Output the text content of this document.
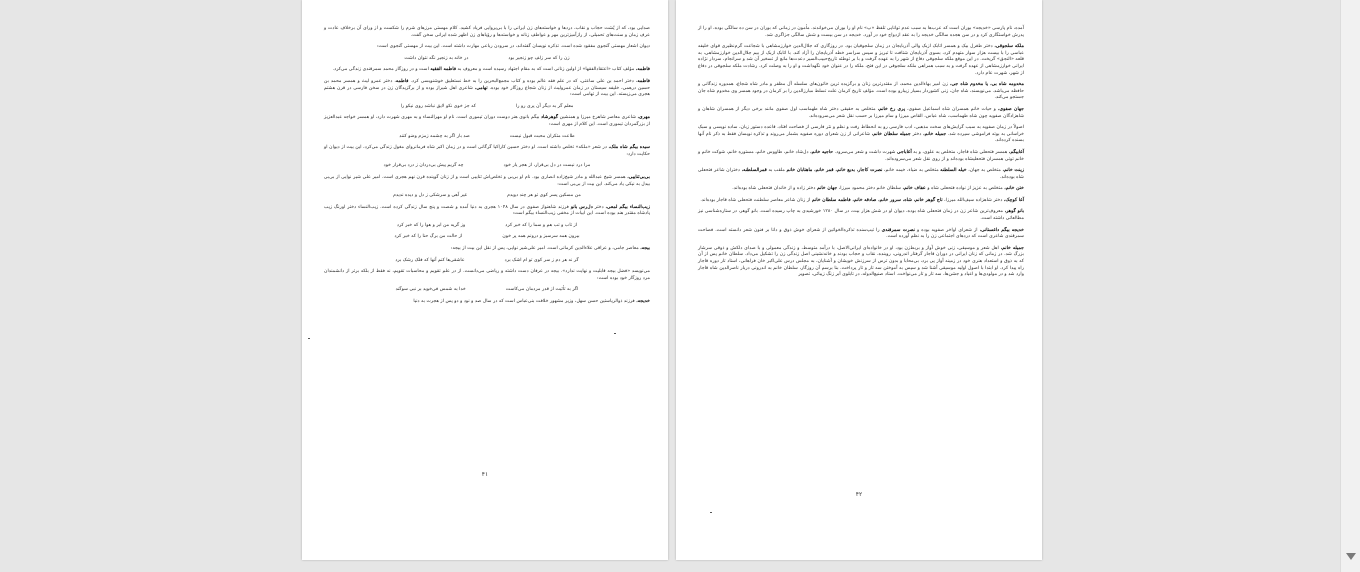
صدایی بود، که از پُشت حجاب و نقاب، دردها و خواسته‌های زن ایرانی را با بی‌پروایی فریاد کشید. کلام مهستی مرزهای شرم را شکست و از ورای آن برخلاف عادت و عرف زمان و سنت‌های تحمیلی، از رازآمیزترین مهر و عواطف زنانه و خواسته‌ها و رؤیاهای زن اظهر شده ایرانی سخن گفت.

دیوان اشعار مهستی گنجوی مفقود شده است. تذکره نویسان گفته‌اند، در سرودن رباعی مهارت داشته است. این بیت از مهستی گنجوی است:

زن را که سر زلف چو زنجیر بود
در خانه به زنجیر نگه نتوان داشت

فاطمه، مؤلف کتاب «اعتقادالفقها» از اولین زنانی است که به مقام اجتهاد رسیده است و معروف به فاطمه الفقیه است و در روزگار محمد سمرقندی زندگی می‌کرد.

فاطمه، دختر احمد بن علی ساعتی، که در علم فقه عالم بوده و کتاب مجمع‌البحرین را به خط نستعلیق خوشنویسی کرد. فاطمه، دختر عمرو لیث و همسر محمد بن حسین درهمی، خلیفه سیستان در زمان عمرولیث از زنان شجاع روزگار خود بوده. تهامی، شاعری اهل شیراز بوده و از برگزیدگان زن در سخن فارسی در قرن هشتم هجری می‌زیسته. این بیت از تهامی است:

معلم گر به دیگر آن پری رو را
که جز خوی نکو لایق نباشد روی نیکو را

مهری، شاعری معاصر شاهرخ میرزا و همنشین گوهرشاد بیگم بانوی هنر دوست دوران تیموری است. نام او مهرالنساء و به مهری شهرت دارد، او همسر خواجه عبدالعزیز از بزرگمردان تیموری است. این کلام از مهری است:

طاعت متکران محبت قبول نیست
صد بار اگر به چشمه زمزم وضو کنند

سیده بیگم شاه ملک، در شعر «ملکه» تخلص داشته است. او دختر حسین کاراکیا گرگانی است و در زمان اکبر شاه فرمانروای مغول زندگی می‌کرد، این بیت از دیوان او حکایت دارد:

مرا درد نیست در دل بی‌قرار، از هجر یار خود
چه گریم پیش بی‌دردان ز درد بی‌قرار خود

بی‌بی‌ثناییی، همسر شیخ عبدالله و مادر شیخ‌زاده انصاری بود. نام او بی‌بی و تخلص‌اش ثناییی است و از زنان گوینده قرن نهم هجری است. امیر علی شیر نوایی از بی‌بی بیدل به نیکی یاد می‌کند. این بیت از بی‌بی است:

من مسکین پسر کوی تو هر چند دویدم
غیر آهی و سرشکی ز دل و دیده ندیدم

زیب‌النساء بیگم لمعی، دختر دل‌رس بانو فرزند شاهنواز صفوی در سال ۱۰۴۸ هجری به دنیا آمده و شصت و پنج سال زندگی کرده است. زیب‌النساء دختر اورنگ زیب پادشاه مقتدر هند بوده است. این ابیات از مخفی زیب‌النساء بیگم است:

از تاب و تب هم و سما را که خبر کرد
وز گریه من ابر و هوا را که خبر کرد
بیرون همه سرسبز و درونم همه پر خون
از حالت من برگ حنا را که خبر کرد

بیجه، معاصر جامی، و عراقی علاءالدین کرمانی است. امیر علی‌شیر نوایی، پس از نقل این بیت از بیجه:

گر نه هر دم ز سر کوی تو ام اشک برد
عاشقی‌ها کنم آنها که فلک رشک برد

می‌نویسد «فضل بیجه قابلیت و نهایت ندارد». بیجه در عرفان دست داشته و ریاضی می‌دانست. از در علم تقویم و محاسبات تقویم، نه فقط از بلکه برتر از دانشمندان مرد روزگار خود بوده است:

اگر به تأثیت از قدر مردمان می‌کاست
خدا به شمس فی‌خوید بر نبی سوگند

خدیجه، فرزند ذوالریاستین حسن سهل، وزیر مشهور خلافت بنی‌عباس است که در سال صد و نود و دو پس از هجرت به دنیا

۴۱

آمده، نام پارسی «خدیجه» بوران است که عرب‌ها به سبب عدم توانایی تلفظ «پ» نام او را بوران می‌خواندند. مأمون در زمانی که بوران در سن ده سالگی بوده، او را از پدرش خواستگاری کرد و در سن هجده سالگی خدیجه را به عقد ازدواج خود در آورد. خدیجه در سن بیست و شش سالگی جزاگری شد.

ملکه سلجوقی، دختر طغرل بیک و همسر اتابک ازبک والی آذربایجان در زمان سلجوقیان بود. در روزگاری که جلال‌الدین خوارزمشاهی با شجاعت گرم‌نظیری قوای خلیفه عباسی را با بیست هزار سوار متهدم کرد، بسوی آذربایجان شتافت تا تبریز و سپس سراسر خطه آذربایجان را آزاد کند. با اتابک ازبک از بیم جلال‌الدین خوارزمشاهی، به قلعه «النجق» گریخت. در این موقع ملکه سلجوقی دفاع از شهر را به عهده گرفت و با بر توطئه تاریخ‌حبیب‌السیر دعدت‌ها مانع از تسخیر آن شد و سرانجام، سردار نژاده ایرانی خوارزمشاهی از عهده گرفت و به سبب همراهی ملکه سلجوقی در این فتح، ملکه را در عنوان خود نگهداشت و او را به وصلت کرد. رشادت ملکه سلجوقی در دفاع از شهر، شهرت عام دارد.

مخدومه شاه بی، یا مخدوم شاه جی، زن امیر بهاءالدین محمد، از مقتدرترین زنان و برگزیده ترین خاتون‌های سلسله آل مظفر و مادر شاه شجاع، همدوره زندگانی و حافظه می‌باشد. می‌نویسند، شاه جان، زنی کشوردار بسیار زیبارو بوده است. مؤلف تاریخ کرمان علت تسلط مبارزالدین را بر کرمان در وجود همسر وی مخدوم شاه جان جستجو می‌کند.

جهان صفوی، و حیات خانم همسران شاه اسماعیل صفوی، پری رخ خانم، متخلص به حقیقی دختر شاه طهماسب اول صفوی مانند برخی دیگر از همسران شاهان و شاهزادگان صفویه چون شاه طهماسب، شاه عباس، القاص میرزا و سام میرزا بر حسب نقل شعر می‌سروده‌اند.

اصولاً در زمان صفویه به سبب گرایش‌های سخت مذهبی، ادب فارسی رو به انحطاط رفت و نظم و نثر فارسی از فصاحت افتاد، قاعده دستور زبان، ساده نویسی و سبک خراسانی به بوته فراموشی سپرده شد. جمیله خانم، دختر جمیله سلطان خانم، شاعرانی از زن شعرای دوره صفویه بشمار می‌روند و تذکره نویسان فقط به ذکر نام آنها بسنده کرده‌اند.

آغابیگم، همسر فتحعلی شاه قاجار، متخلص به علوی، و به آغاباجی شهرت داشت و شعر می‌سرود. حاجیه خانم، دل‌شاد خانم، طاووس خانم، مستوره خانم، شوکت خانم و خانم توتی همسران فتحعلیشاه بوده‌اند و از روی نقل شعر می‌سروده‌اند.

زینت خانم، متخلص به جهان، خیله السلطنه متخلص به ضیاء، خیمه خانم، نصرت کاجار، بدیع خانم، قمر خانم، ماهتابان خانم ملقب به قمرالسلطنه، دختران شاعر فتحعلی شاه بوده‌اند.

ختن خانم، متخلص به عزیز از نواده فتحعلی شاه و عفاف خانم، سلطان خانم دختر محمود میرزا، جهان خانم دختر زاده و از خاندان فتحعلی شاه بوده‌اند.

آغا کوچک، دختر شاهزاده سیف‌الله میرزا، تاج گوهر خانم، شاه، سرور خانم، صادقه خانم، فاطمه سلطان خانم از زنان شاعر معاصر سلطنت فتحعلی شاه قاجار بوده‌اند.

بانو گوهر، معروف‌ترین شاعر زن در زمان فتحعلی شاه بوده، دیوان او در شش هزار بیت، در سال ۱۲۸۰ خورشیدی به چاپ رسیده است. بانو گوهر، در ستاره‌شناسی نیز مطالعاتی داشته است.

خدیجه بیگم داغستانی، از شعرای اواخر صفویه بوده و نصرت سمرقندی را تیپ‌سنده تذکره‌الخواتین از شعرای خوش ذوق و دانا بر فنون شعر دانسته است. فصاحت سمرقندی شاعری است که دردهای اجتماعی زن را به نظم آورده است.

جمیله خانم، اهل شعر و موسیقی، زنی خوش آواز و بربط‌زن بود، او در خانواده‌ای ایرانی‌الاصل، با درآمد متوسط، و زندگی معمولی و با صدای دلکش و ذوقی سرشار بزرگ شد. در زمانی که زنان ایرانی در دوران قاجار گرفتار اندرونی، روبنده، نقاب و حجاب بودند و خانه‌نشینی اصل زندگی زن را تشکیل می‌داد. سلطان خانم پس از آن که به ذوق و استعداد هنری خود در زمینه آواز پی برد، بی‌محابا و بدون ترس از سرزنش خویشان و آشنایان، به مجلس درس علی‌اکبر خان فراهانی، استاد تار دوره قاجار راه پیدا کرد. او ابتدا با اصول اولیه موسیقی آشنا شد و سپس به آموختن سه تار و تار پرداخت. بنا برسم آن روزگار، سلطان خانم به اندرونی دربار ناصرالدین شاه قاجار وارد شد و در مولودی‌ها و اعیاد و جشن‌ها، سه تار و تار می‌نواخت. استاد صنیع‌الدوله، در تابلوی اَبر زنگ زیبائی، تصویر

۴۲
